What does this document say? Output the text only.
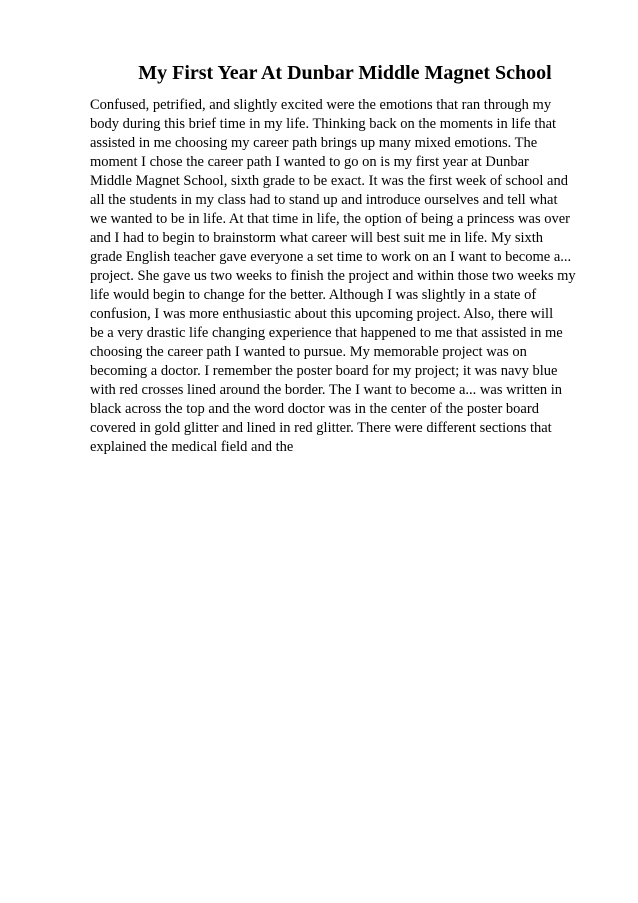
My First Year At Dunbar Middle Magnet School
Confused, petrified, and slightly excited were the emotions that ran through my
body during this brief time in my life. Thinking back on the moments in life that
assisted in me choosing my career path brings up many mixed emotions. The
moment I chose the career path I wanted to go on is my first year at Dunbar
Middle Magnet School, sixth grade to be exact. It was the first week of school and
all the students in my class had to stand up and introduce ourselves and tell what
we wanted to be in life. At that time in life, the option of being a princess was over
and I had to begin to brainstorm what career will best suit me in life. My sixth
grade English teacher gave everyone a set time to work on an I want to become a...
project. She gave us two weeks to finish the project and within those two weeks my
life would begin to change for the better. Although I was slightly in a state of
confusion, I was more enthusiastic about this upcoming project. Also, there will
be a very drastic life changing experience that happened to me that assisted in me
choosing the career path I wanted to pursue. My memorable project was on
becoming a doctor. I remember the poster board for my project; it was navy blue
with red crosses lined around the border. The I want to become a... was written in
black across the top and the word doctor was in the center of the poster board
covered in gold glitter and lined in red glitter. There were different sections that
explained the medical field and the
